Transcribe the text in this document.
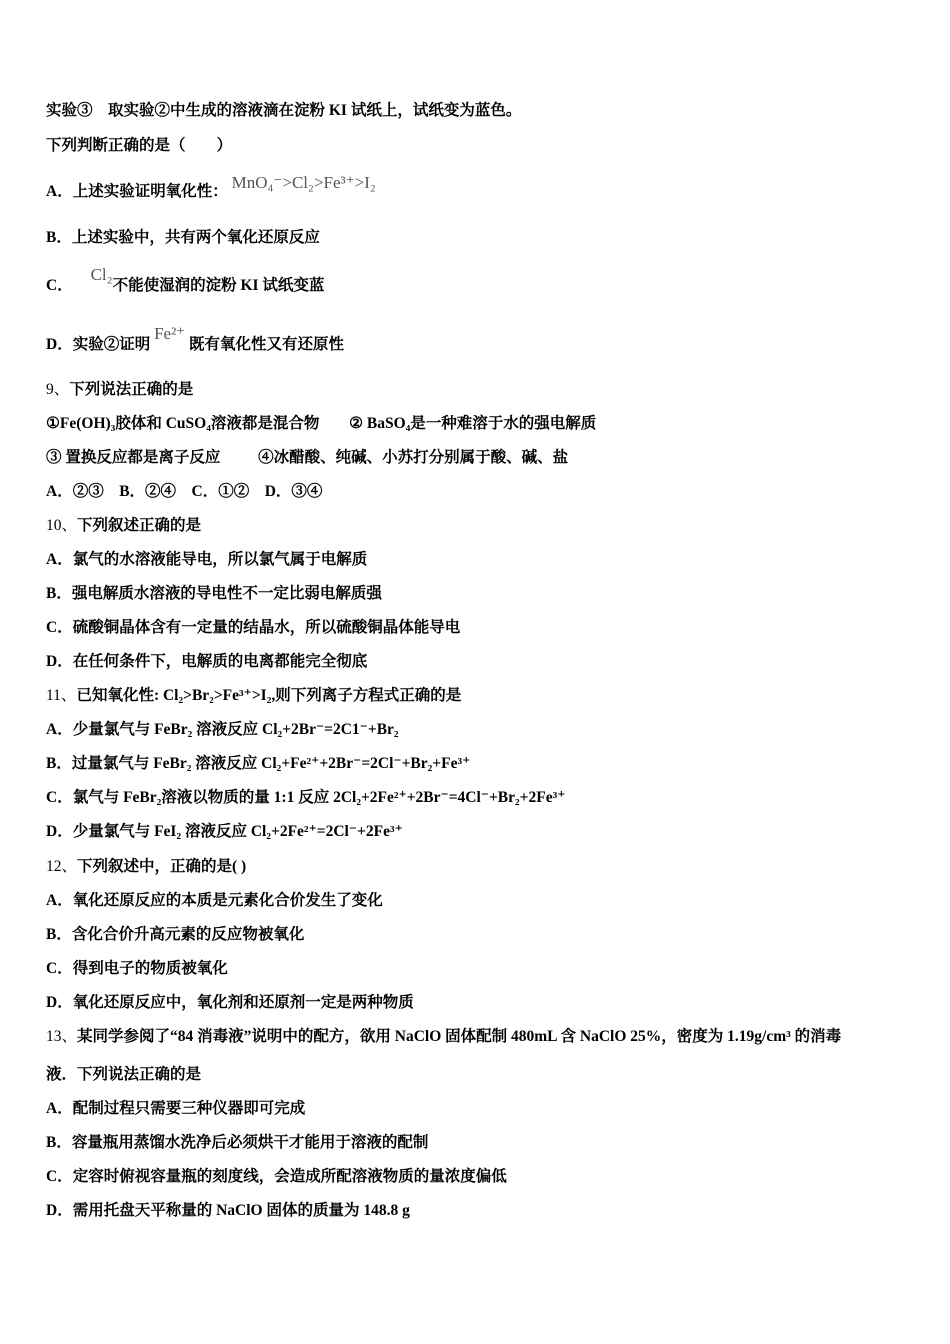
实验③　取实验②中生成的溶液滴在淀粉 KI 试纸上，试纸变为蓝色。
下列判断正确的是（　　）
A．上述实验证明氧化性： MnO₄⁻>Cl₂>Fe³⁺>I₂
B．上述实验中，共有两个氧化还原反应
C． Cl₂不能使湿润的淀粉 KI 试纸变蓝
D．实验②证明 Fe²⁺ 既有氧化性又有还原性
9、下列说法正确的是
①Fe(OH)₃胶体和 CuSO₄溶液都是混合物 ② BaSO₄是一种难溶于水的强电解质
③ 置换反应都是离子反应 ④冰醋酸、纯碱、小苏打分别属于酸、碱、盐
A．②③　B．②④　C．①②　D．③④
10、下列叙述正确的是
A．氯气的水溶液能导电，所以氯气属于电解质
B．强电解质水溶液的导电性不一定比弱电解质强
C．硫酸铜晶体含有一定量的结晶水，所以硫酸铜晶体能导电
D．在任何条件下，电解质的电离都能完全彻底
11、已知氧化性: Cl₂>Br₂>Fe³⁺>I₂,则下列离子方程式正确的是
A．少量氯气与 FeBr₂ 溶液反应 Cl₂+2Br⁻=2C1⁻+Br₂
B．过量氯气与 FeBr₂ 溶液反应 Cl₂+Fe²⁺+2Br⁻=2Cl⁻+Br₂+Fe³⁺
C．氯气与 FeBr₂溶液以物质的量 1:1 反应 2Cl₂+2Fe²⁺+2Br⁻=4Cl⁻+Br₂+2Fe³⁺
D．少量氯气与 FeI₂ 溶液反应 Cl₂+2Fe²⁺=2Cl⁻+2Fe³⁺
12、下列叙述中，正确的是( )
A．氧化还原反应的本质是元素化合价发生了变化
B．含化合价升高元素的反应物被氧化
C．得到电子的物质被氧化
D．氧化还原反应中，氧化剂和还原剂一定是两种物质
13、某同学参阅了“84 消毒液”说明中的配方，欲用 NaClO 固体配制 480mL 含 NaClO 25%，密度为 1.19g/cm³ 的消毒
液．下列说法正确的是
A．配制过程只需要三种仪器即可完成
B．容量瓶用蒸馏水洗净后必须烘干才能用于溶液的配制
C．定容时俯视容量瓶的刻度线，会造成所配溶液物质的量浓度偏低
D．需用托盘天平称量的 NaClO 固体的质量为 148.8 g
